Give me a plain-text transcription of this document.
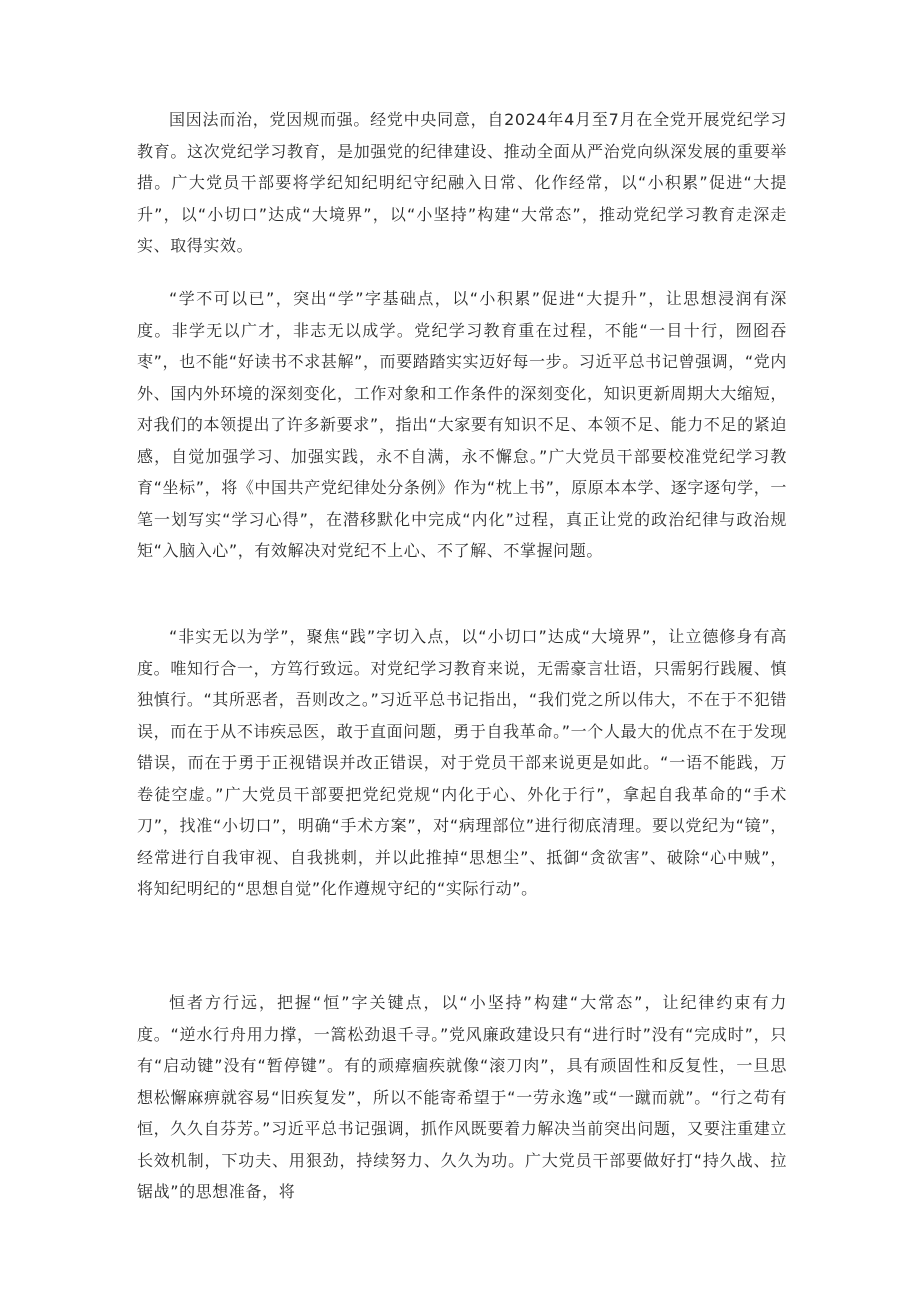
国因法而治，党因规而强。经党中央同意，自2024年4月至7月在全党开展党纪学习教育。这次党纪学习教育，是加强党的纪律建设、推动全面从严治党向纵深发展的重要举措。广大党员干部要将学纪知纪明纪守纪融入日常、化作经常，以“小积累”促进“大提升”，以“小切口”达成“大境界”，以“小坚持”构建“大常态”，推动党纪学习教育走深走实、取得实效。

“学不可以已”，突出“学”字基础点，以“小积累”促进“大提升”，让思想浸润有深度。非学无以广才，非志无以成学。党纪学习教育重在过程，不能“一目十行，囫囵吞枣”，也不能“好读书不求甚解”，而要踏踏实实迈好每一步。习近平总书记曾强调，“党内外、国内外环境的深刻变化，工作对象和工作条件的深刻变化，知识更新周期大大缩短，对我们的本领提出了许多新要求”，指出“大家要有知识不足、本领不足、能力不足的紧迫感，自觉加强学习、加强实践，永不自满，永不懈怠。”广大党员干部要校准党纪学习教育“坐标”，将《中国共产党纪律处分条例》作为“枕上书”，原原本本学、逐字逐句学，一笔一划写实“学习心得”，在潜移默化中完成“内化”过程，真正让党的政治纪律与政治规矩“入脑入心”，有效解决对党纪不上心、不了解、不掌握问题。

“非实无以为学”，聚焦“践”字切入点，以“小切口”达成“大境界”，让立德修身有高度。唯知行合一，方笃行致远。对党纪学习教育来说，无需豪言壮语，只需躬行践履、慎独慎行。“其所恶者，吾则改之。”习近平总书记指出，“我们党之所以伟大，不在于不犯错误，而在于从不讳疾忌医，敢于直面问题，勇于自我革命。”一个人最大的优点不在于发现错误，而在于勇于正视错误并改正错误，对于党员干部来说更是如此。“一语不能践，万卷徒空虚。”广大党员干部要把党纪党规“内化于心、外化于行”，拿起自我革命的“手术刀”，找准“小切口”，明确“手术方案”，对“病理部位”进行彻底清理。要以党纪为“镜”，经常进行自我审视、自我挑刺，并以此推掉“思想尘”、抵御“贪欲害”、破除“心中贼”，将知纪明纪的“思想自觉”化作遵规守纪的“实际行动”。

恒者方行远，把握“恒”字关键点，以“小坚持”构建“大常态”，让纪律约束有力度。“逆水行舟用力撑，一篙松劲退千寻。”党风廉政建设只有“进行时”没有“完成时”，只有“启动键”没有“暂停键”。有的顽瘴痼疾就像“滚刀肉”，具有顽固性和反复性，一旦思想松懈麻痹就容易“旧疾复发”，所以不能寄希望于“一劳永逸”或“一蹴而就”。“行之苟有恒，久久自芬芳。”习近平总书记强调，抓作风既要着力解决当前突出问题，又要注重建立长效机制，下功夫、用狠劲，持续努力、久久为功。广大党员干部要做好打“持久战、拉锯战”的思想准备，将
